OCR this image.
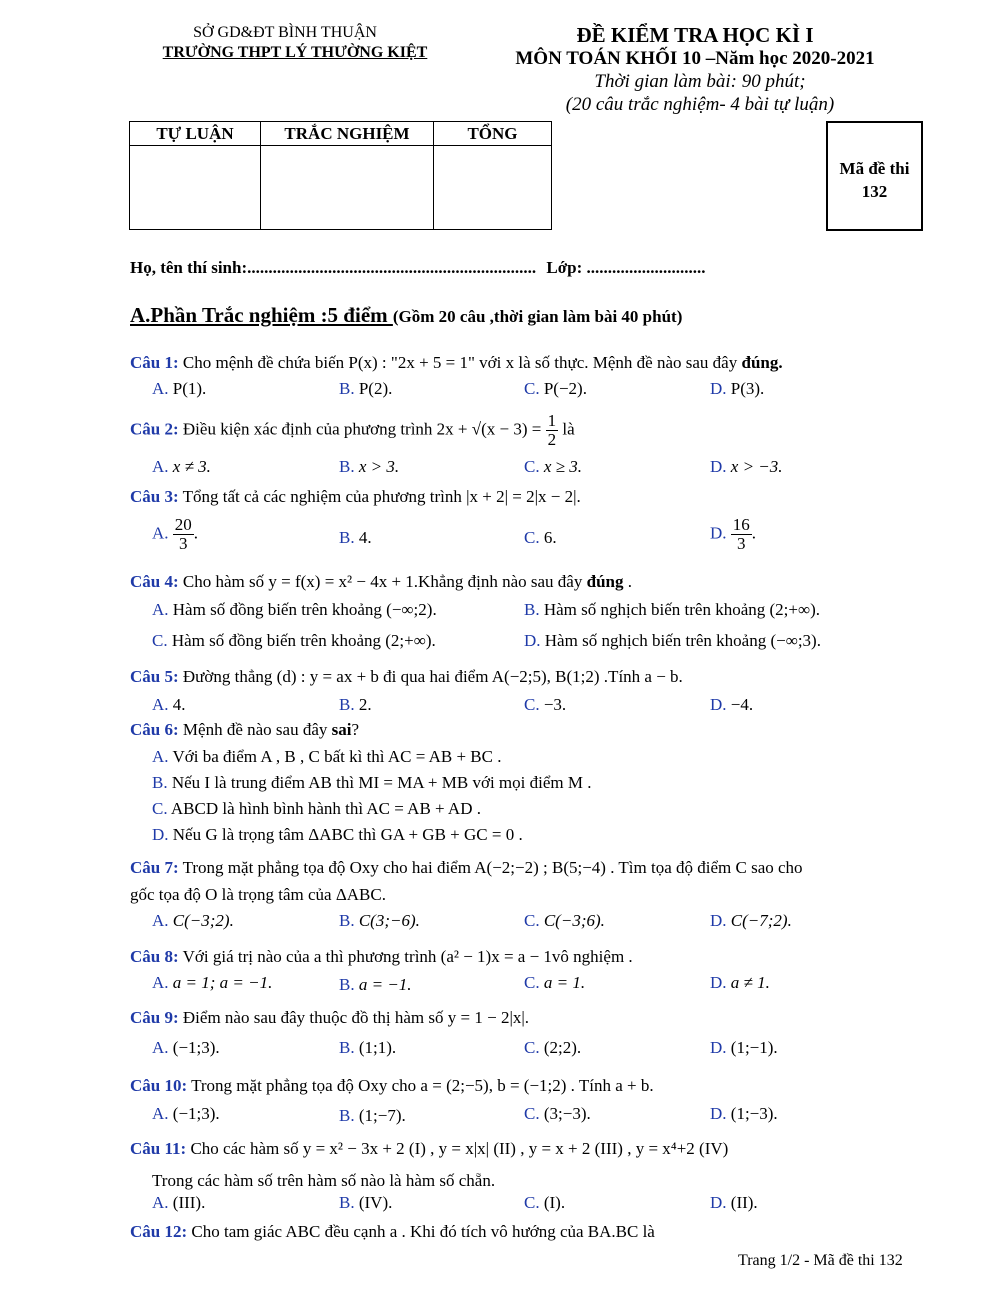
SỞ GD&ĐT BÌNH THUẬN
TRƯỜNG THPT LÝ THƯỜNG KIỆT
ĐỀ KIỂM TRA HỌC KÌ I
MÔN TOÁN KHỐI 10 –Năm học 2020-2021
Thời gian làm bài: 90 phút;
(20 câu trắc nghiệm- 4 bài tự luận)
TỰ LUẬN	TRẮC NGHIỆM	TỔNG

Mã đề thi
132
Họ, tên thí sinh:.................................................................... Lớp: ............................
A.Phần Trắc nghiệm :5 điểm (Gồm 20 câu ,thời gian làm bài 40 phút)
Câu 1: Cho mệnh đề chứa biến P(x) : "2x + 5 = 1" với x là số thực. Mệnh đề nào sau đây đúng.
A. P(1).	B. P(2).	C. P(−2).	D. P(3).
Câu 2: Điều kiện xác định của phương trình $2x + √(x - 3) = \frac{1}{2}$ là
A. x ≠ 3.	B. x > 3.	C. x ≥ 3.	D. x > −3.
Câu 3: Tổng tất cả các nghiệm của phương trình |x + 2| = 2|x − 2|.
A. $\frac{20}{3}$ .	B. 4.	C. 6.	D. $\frac{16}{3}$ .
Câu 4: Cho hàm số y = f(x) = x² − 4x + 1.Khẳng định nào sau đây đúng .
A. Hàm số đồng biến trên khoảng (−∞;2).	B. Hàm số nghịch biến trên khoảng (2;+∞).
C. Hàm số đồng biến trên khoảng (2;+∞).	D. Hàm số nghịch biến trên khoảng (−∞;3).
Câu 5: Đường thẳng (d) : y = ax + b đi qua hai điểm A(−2;5), B(1;2) .Tính a − b.
A. 4.	B. 2.	C. −3.	D. −4.
Câu 6: Mệnh đề nào sau đây sai?
A. Với ba điểm A , B , C bất kì thì AC = AB + BC .
B. Nếu I là trung điểm AB thì MI = MA + MB với mọi điểm M .
C. ABCD là hình bình hành thì AC = AB + AD .
D. Nếu G là trọng tâm ΔABC thì GA + GB + GC = 0 .
Câu 7: Trong mặt phẳng tọa độ Oxy cho hai điểm A(−2;−2) ; B(5;−4) . Tìm tọa độ điểm C sao cho
gốc tọa độ O là trọng tâm của ΔABC.
A. C(−3;2).	B. C(3;−6).	C. C(−3;6).	D. C(−7;2).
Câu 8: Với giá trị nào của a thì phương trình (a² − 1)x = a − 1vô nghiệm .
A. a = 1; a = −1.	B. a = −1.	C. a = 1.	D. a ≠ 1.
Câu 9: Điểm nào sau đây thuộc đồ thị hàm số y = 1 − 2|x|.
A. (−1;3).	B. (1;1).	C. (2;2).	D. (1;−1).
Câu 10: Trong mặt phẳng tọa độ Oxy cho a = (2;−5), b = (−1;2) . Tính a + b.
A. (−1;3).	B. (1;−7).	C. (3;−3).	D. (1;−3).
Câu 11: Cho các hàm số y = x² − 3x + 2 (I) , y = x|x| (II) , y = x + 2 (III) , y = x⁴+2 (IV)
Trong các hàm số trên hàm số nào là hàm số chẵn.
A. (III).	B. (IV).	C. (I).	D. (II).
Câu 12: Cho tam giác ABC đều cạnh a . Khi đó tích vô hướng của BA.BC là
Trang 1/2 - Mã đề thi 132
